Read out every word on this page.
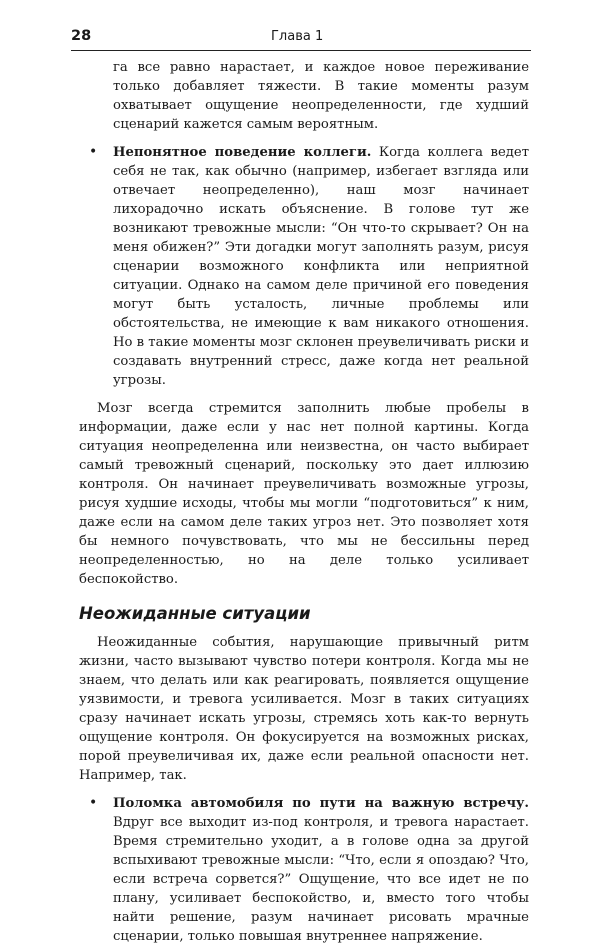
28	Глава 1

га все равно нарастает, и каждое новое переживание только добавляет тяжести. В такие моменты разум охватывает ощущение неопределенности, где худший сценарий кажется самым вероятным.

• Непонятное поведение коллеги. Когда коллега ведет себя не так, как обычно (например, избегает взгляда или отвечает неопределенно), наш мозг начинает лихорадочно искать объяснение. В голове тут же возникают тревожные мысли: “Он что-то скрывает? Он на меня обижен?” Эти догадки могут заполнять разум, рисуя сценарии возможного конфликта или неприятной ситуации. Однако на самом деле причиной его поведения могут быть усталость, личные проблемы или обстоятельства, не имеющие к вам никакого отношения. Но в такие моменты мозг склонен преувеличивать риски и создавать внутренний стресс, даже когда нет реальной угрозы.

Мозг всегда стремится заполнить любые пробелы в информации, даже если у нас нет полной картины. Когда ситуация неопределенна или неизвестна, он часто выбирает самый тревожный сценарий, поскольку это дает иллюзию контроля. Он начинает преувеличивать возможные угрозы, рисуя худшие исходы, чтобы мы могли “подготовиться” к ним, даже если на самом деле таких угроз нет. Это позволяет хотя бы немного почувствовать, что мы не бессильны перед неопределенностью, но на деле только усиливает беспокойство.

Неожиданные ситуации

Неожиданные события, нарушающие привычный ритм жизни, часто вызывают чувство потери контроля. Когда мы не знаем, что делать или как реагировать, появляется ощущение уязвимости, и тревога усиливается. Мозг в таких ситуациях сразу начинает искать угрозы, стремясь хоть как-то вернуть ощущение контроля. Он фокусируется на возможных рисках, порой преувеличивая их, даже если реальной опасности нет. Например, так.

• Поломка автомобиля по пути на важную встречу. Вдруг все выходит из-под контроля, и тревога нарастает. Время стремительно уходит, а в голове одна за другой вспыхивают тревожные мысли: “Что, если я опоздаю? Что, если встреча сорвется?” Ощущение, что все идет не по плану, усиливает беспокойство, и, вместо того чтобы найти решение, разум начинает рисовать мрачные сценарии, только повышая внутреннее напряжение.
